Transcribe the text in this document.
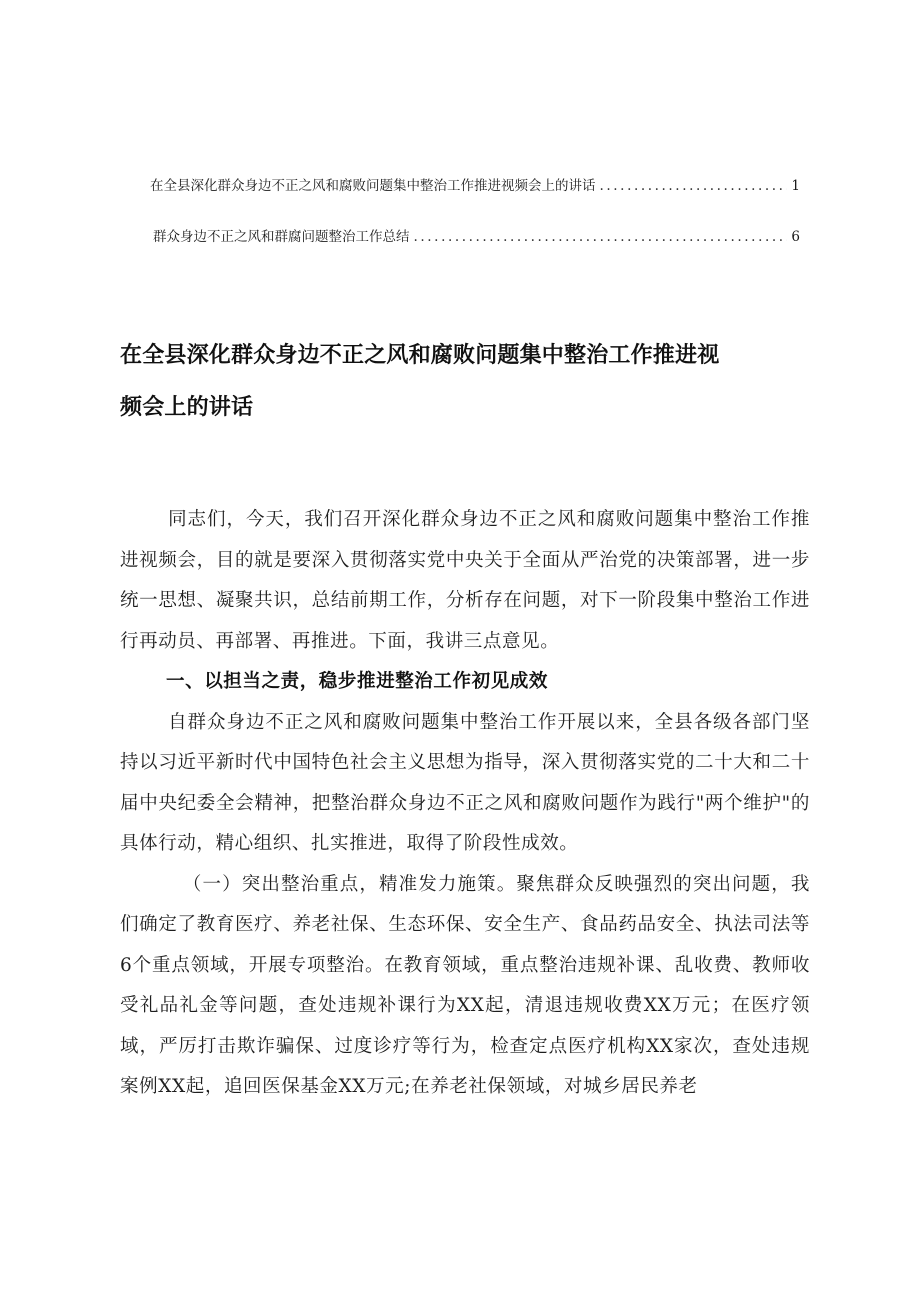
在全县深化群众身边不正之风和腐败问题集中整治工作推进视频会上的讲话 .....	1
群众身边不正之风和群腐问题整治工作总结 .....	6
在全县深化群众身边不正之风和腐败问题集中整治工作推进视
频会上的讲话

同志们，今天，我们召开深化群众身边不正之风和腐败问题集中整治工作推进视频会，目的就是要深入贯彻落实党中央关于全面从严治党的决策部署，进一步统一思想、凝聚共识，总结前期工作，分析存在问题，对下一阶段集中整治工作进行再动员、再部署、再推进。下面，我讲三点意见。

一、以担当之责，稳步推进整治工作初见成效

自群众身边不正之风和腐败问题集中整治工作开展以来，全县各级各部门坚持以习近平新时代中国特色社会主义思想为指导，深入贯彻落实党的二十大和二十届中央纪委全会精神，把整治群众身边不正之风和腐败问题作为践行"两个维护"的具体行动，精心组织、扎实推进，取得了阶段性成效。

（一）突出整治重点，精准发力施策。聚焦群众反映强烈的突出问题，我们确定了教育医疗、养老社保、生态环保、安全生产、食品药品安全、执法司法等6个重点领域，开展专项整治。在教育领域，重点整治违规补课、乱收费、教师收受礼品礼金等问题，查处违规补课行为XX起，清退违规收费XX万元；在医疗领域，严厉打击欺诈骗保、过度诊疗等行为，检查定点医疗机构XX家次，查处违规案例XX起，追回医保基金XX万元;在养老社保领域，对城乡居民养老
